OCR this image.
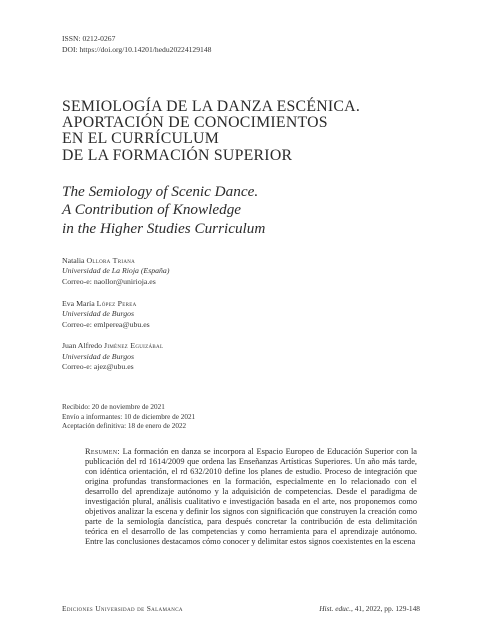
ISSN: 0212-0267
DOI: https://doi.org/10.14201/hedu20224129148
SEMIOLOGÍA DE LA DANZA ESCÉNICA.
APORTACIÓN DE CONOCIMIENTOS
EN EL CURRÍCULUM
DE LA FORMACIÓN SUPERIOR
The Semiology of Scenic Dance.
A Contribution of Knowledge
in the Higher Studies Curriculum
Natalia Ollora Triana
Universidad de La Rioja (España)
Correo-e: naollor@unirioja.es
Eva María López Perea
Universidad de Burgos
Correo-e: emlperea@ubu.es
Juan Alfredo Jiménez Eguizábal
Universidad de Burgos
Correo-e: ajez@ubu.es
Recibido: 20 de noviembre de 2021
Envío a informantes: 10 de diciembre de 2021
Aceptación definitiva: 18 de enero de 2022
Resumen: La formación en danza se incorpora al Espacio Europeo de Educación Superior con la publicación del rd 1614/2009 que ordena las Enseñanzas Artísticas Superiores. Un año más tarde, con idéntica orientación, el rd 632/2010 define los planes de estudio. Proceso de integración que origina profundas transformaciones en la formación, especialmente en lo relacionado con el desarrollo del aprendizaje autónomo y la adquisición de competencias. Desde el paradigma de investigación plural, análisis cualitativo e investigación basada en el arte, nos proponemos como objetivos analizar la escena y definir los signos con significación que construyen la creación como parte de la semiología dancística, para después concretar la contribución de esta delimitación teórica en el desarrollo de las competencias y como herramienta para el aprendizaje autónomo. Entre las conclusiones destacamos cómo conocer y delimitar estos signos coexistentes en la escena
Ediciones Universidad de Salamanca	Hist. educ., 41, 2022, pp. 129-148
